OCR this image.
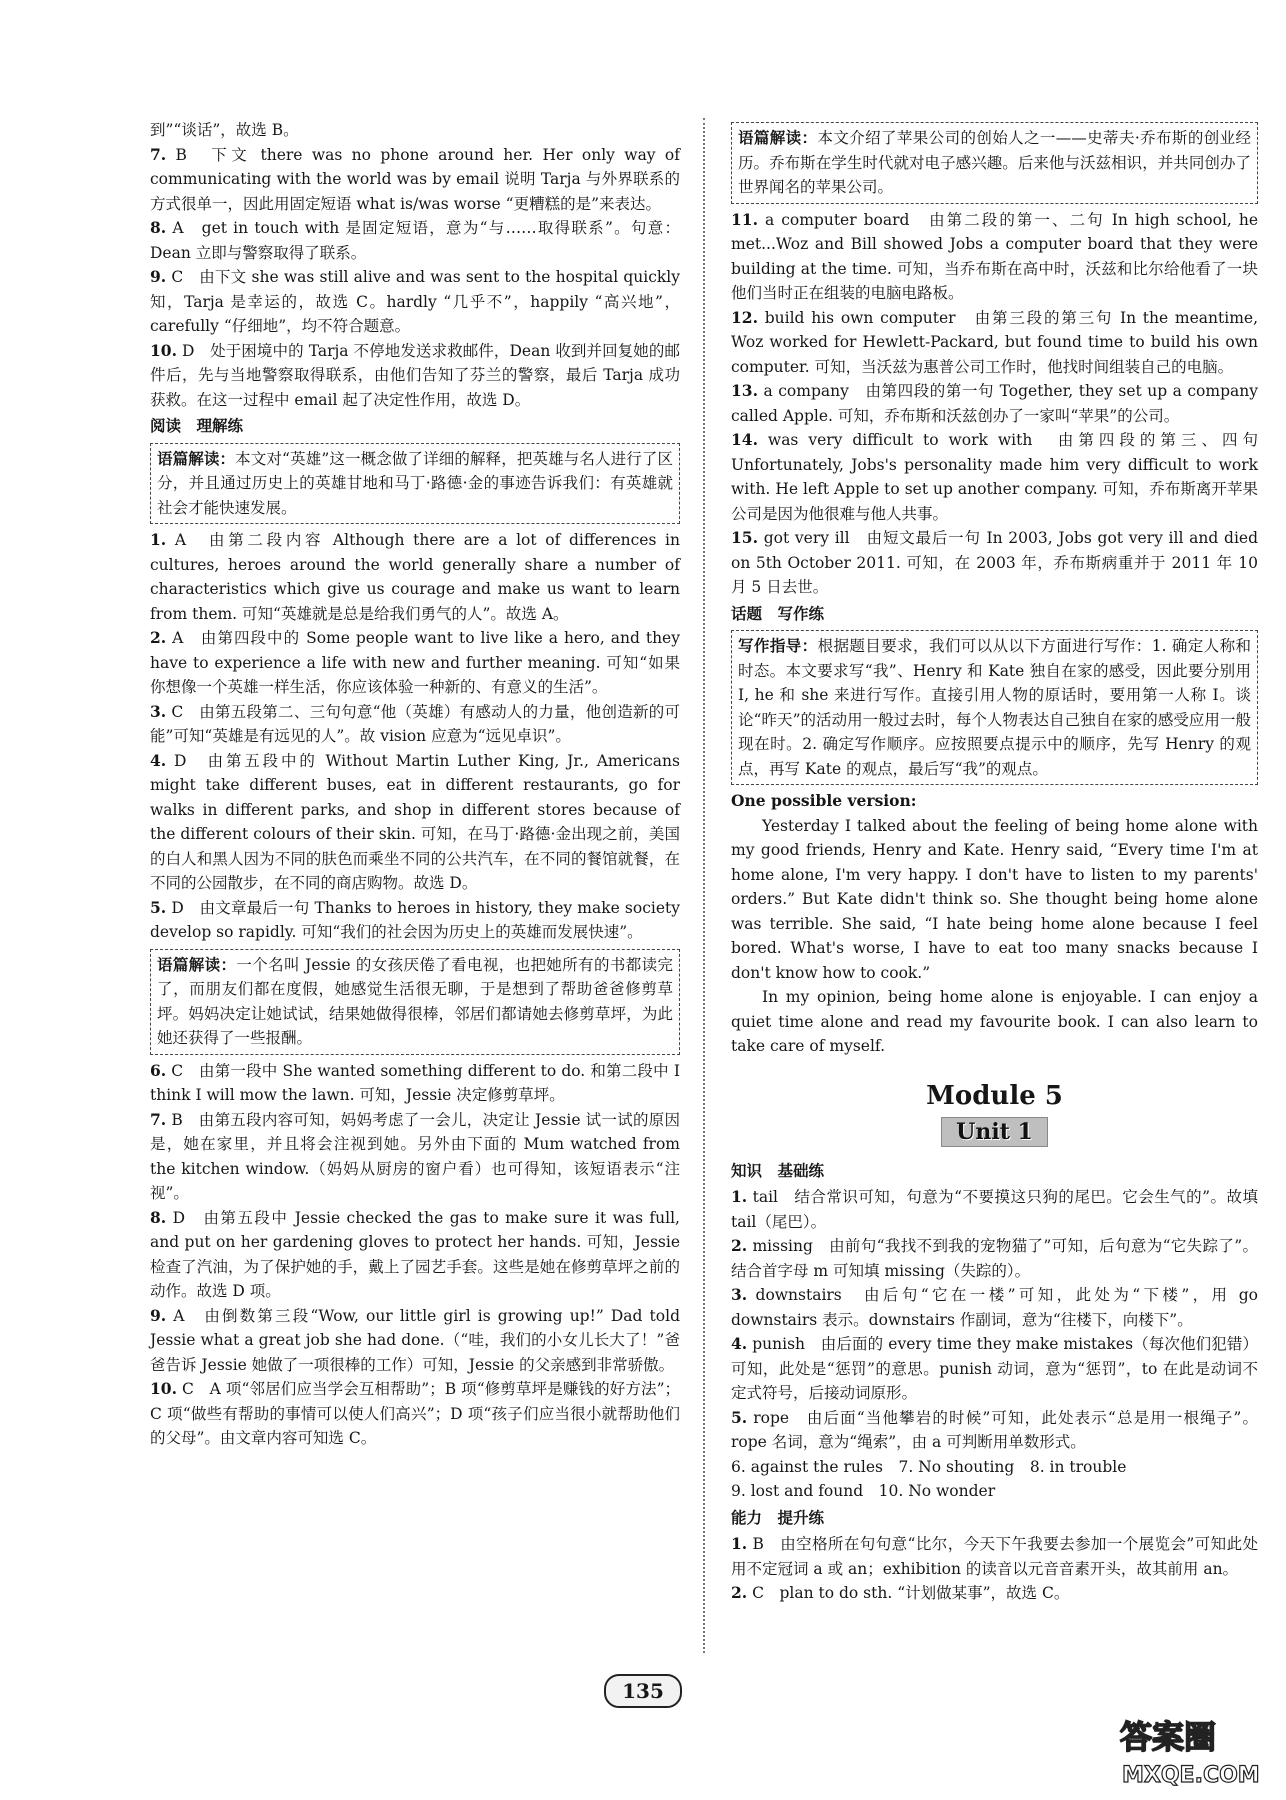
到”“谈话”，故选 B。

7. B　下文 there was no phone around her. Her only way of communicating with the world was by email 说明 Tarja 与外界联系的方式很单一，因此用固定短语 what is/was worse “更糟糕的是”来表达。

8. A　get in touch with 是固定短语，意为“与……取得联系”。句意：Dean 立即与警察取得了联系。

9. C　由下文 she was still alive and was sent to the hospital quickly 知，Tarja 是幸运的，故选 C。hardly “几乎不”，happily “高兴地”，carefully “仔细地”，均不符合题意。

10. D　处于困境中的 Tarja 不停地发送求救邮件，Dean 收到并回复她的邮件后，先与当地警察取得联系，由他们告知了芬兰的警察，最后 Tarja 成功获救。在这一过程中 email 起了决定性作用，故选 D。

阅读　理解练
语篇解读：本文对“英雄”这一概念做了详细的解释，把英雄与名人进行了区分，并且通过历史上的英雄甘地和马丁·路德·金的事迹告诉我们：有英雄就社会才能快速发展。

1. A　由第二段内容 Although there are a lot of differences in cultures, heroes around the world generally share a number of characteristics which give us courage and make us want to learn from them. 可知“英雄就是总是给我们勇气的人”。故选 A。

2. A　由第四段中的 Some people want to live like a hero, and they have to experience a life with new and further meaning. 可知“如果你想像一个英雄一样生活，你应该体验一种新的、有意义的生活”。

3. C　由第五段第二、三句句意“他（英雄）有感动人的力量，他创造新的可能”可知“英雄是有远见的人”。故 vision 应意为“远见卓识”。

4. D　由第五段中的 Without Martin Luther King, Jr., Americans might take different buses, eat in different restaurants, go for walks in different parks, and shop in different stores because of the different colours of their skin. 可知，在马丁·路德·金出现之前，美国的白人和黑人因为不同的肤色而乘坐不同的公共汽车，在不同的餐馆就餐，在不同的公园散步，在不同的商店购物。故选 D。

5. D　由文章最后一句 Thanks to heroes in history, they make society develop so rapidly. 可知“我们的社会因为历史上的英雄而发展快速”。

语篇解读：一个名叫 Jessie 的女孩厌倦了看电视，也把她所有的书都读完了，而朋友们都在度假，她感觉生活很无聊，于是想到了帮助爸爸修剪草坪。妈妈决定让她试试，结果她做得很棒，邻居们都请她去修剪草坪，为此她还获得了一些报酬。

6. C　由第一段中 She wanted something different to do. 和第二段中 I think I will mow the lawn. 可知，Jessie 决定修剪草坪。

7. B　由第五段内容可知，妈妈考虑了一会儿，决定让 Jessie 试一试的原因是，她在家里，并且将会注视到她。另外由下面的 Mum watched from the kitchen window.（妈妈从厨房的窗户看）也可得知，该短语表示“注视”。

8. D　由第五段中 Jessie checked the gas to make sure it was full, and put on her gardening gloves to protect her hands. 可知，Jessie 检查了汽油，为了保护她的手，戴上了园艺手套。这些是她在修剪草坪之前的动作。故选 D 项。

9. A　由倒数第三段“Wow, our little girl is growing up!” Dad told Jessie what a great job she had done.（“哇，我们的小女儿长大了！”爸爸告诉 Jessie 她做了一项很棒的工作）可知，Jessie 的父亲感到非常骄傲。

10. C　A 项“邻居们应当学会互相帮助”；B 项“修剪草坪是赚钱的好方法”；C 项“做些有帮助的事情可以使人们高兴”；D 项“孩子们应当很小就帮助他们的父母”。由文章内容可知选 C。

语篇解读：本文介绍了苹果公司的创始人之一——史蒂夫·乔布斯的创业经历。乔布斯在学生时代就对电子感兴趣。后来他与沃兹相识，并共同创办了世界闻名的苹果公司。

11. a computer board　由第二段的第一、二句 In high school, he met...Woz and Bill showed Jobs a computer board that they were building at the time. 可知，当乔布斯在高中时，沃兹和比尔给他看了一块他们当时正在组装的电脑电路板。

12. build his own computer　由第三段的第三句 In the meantime, Woz worked for Hewlett-Packard, but found time to build his own computer. 可知，当沃兹为惠普公司工作时，他找时间组装自己的电脑。

13. a company　由第四段的第一句 Together, they set up a company called Apple. 可知，乔布斯和沃兹创办了一家叫“苹果”的公司。

14. was very difficult to work with　由第四段的第三、四句 Unfortunately, Jobs's personality made him very difficult to work with. He left Apple to set up another company. 可知，乔布斯离开苹果公司是因为他很难与他人共事。

15. got very ill　由短文最后一句 In 2003, Jobs got very ill and died on 5th October 2011. 可知，在 2003 年，乔布斯病重并于 2011 年 10 月 5 日去世。

话题　写作练
写作指导：根据题目要求，我们可以从以下方面进行写作：1. 确定人称和时态。本文要求写“我”、Henry 和 Kate 独自在家的感受，因此要分别用 I, he 和 she 来进行写作。直接引用人物的原话时，要用第一人称 I。谈论“昨天”的活动用一般过去时，每个人物表达自己独自在家的感受应用一般现在时。2. 确定写作顺序。应按照要点提示中的顺序，先写 Henry 的观点，再写 Kate 的观点，最后写“我”的观点。
One possible version:
Yesterday I talked about the feeling of being home alone with my good friends, Henry and Kate. Henry said, “Every time I'm at home alone, I'm very happy. I don't have to listen to my parents' orders.” But Kate didn't think so. She thought being home alone was terrible. She said, “I hate being home alone because I feel bored. What's worse, I have to eat too many snacks because I don't know how to cook.”
In my opinion, being home alone is enjoyable. I can enjoy a quiet time alone and read my favourite book. I can also learn to take care of myself.
Module 5
Unit 1
知识　基础练

1. tail　结合常识可知，句意为“不要摸这只狗的尾巴。它会生气的”。故填 tail（尾巴）。

2. missing　由前句“我找不到我的宠物猫了”可知，后句意为“它失踪了”。结合首字母 m 可知填 missing（失踪的）。

3. downstairs　由后句“它在一楼”可知，此处为“下楼”，用 go downstairs 表示。downstairs 作副词，意为“往楼下，向楼下”。

4. punish　由后面的 every time they make mistakes（每次他们犯错）可知，此处是“惩罚”的意思。punish 动词，意为“惩罚”，to 在此是动词不定式符号，后接动词原形。

5. rope　由后面“当他攀岩的时候”可知，此处表示“总是用一根绳子”。rope 名词，意为“绳索”，由 a 可判断用单数形式。

6. against the rules　7. No shouting　8. in trouble
9. lost and found　10. No wonder
能力　提升练

1. B　由空格所在句句意“比尔，今天下午我要去参加一个展览会”可知此处用不定冠词 a 或 an；exhibition 的读音以元音音素开头，故其前用 an。

2. C　plan to do sth. “计划做某事”，故选 C。

135
答案圈
MXQE.COM
